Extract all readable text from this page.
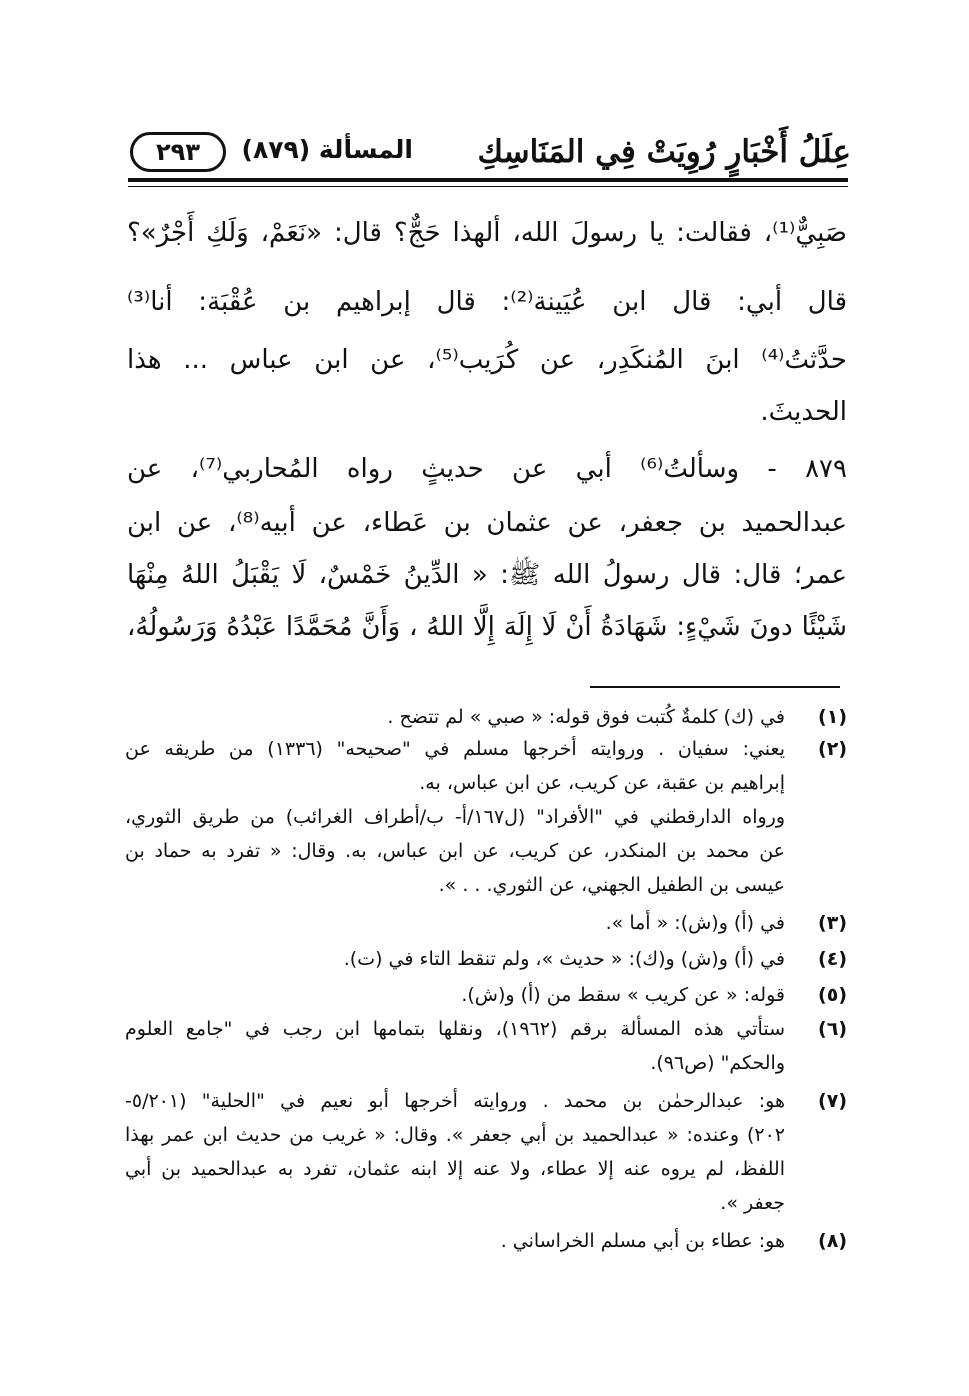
عِلَلُ أَخْبَارٍ رُوِيَتْ فِي المَنَاسِكِ
المسألة (٨٧٩)
٢٩٣
صَبِيٌّ⁽¹⁾، فقالت: يا رسولَ الله، ألهذا حَجٌّ؟ قال: «نَعَمْ، وَلَكِ أَجْرٌ»؟
قال أبي: قال ابن عُيَينة⁽²⁾: قال إبراهيم بن عُقْبَة: أنا⁽³⁾
حدَّثتُ⁽⁴⁾ ابنَ المُنكَدِر، عن كُرَيب⁽⁵⁾، عن ابن عباس ... هذا
الحديثَ.
٨٧٩ - وسألتُ⁽⁶⁾ أبي عن حديثٍ رواه المُحاربي⁽⁷⁾، عن
عبدالحميد بن جعفر، عن عثمان بن عَطاء، عن أبيه⁽⁸⁾، عن ابن
عمر؛ قال: قال رسولُ الله ﷺ: « الدِّينُ خَمْسٌ، لَا يَقْبَلُ اللهُ مِنْهَا
شَيْئًا دونَ شَيْءٍ: شَهَادَةُ أَنْ لَا إِلَهَ إِلَّا اللهُ ، وَأَنَّ مُحَمَّدًا عَبْدُهُ وَرَسُولُهُ،
(١)
في (ك) كلمةٌ كُتبت فوق قوله: « صبي » لم تتضح .
(٢)
يعني: سفيان . وروايته أخرجها مسلم في "صحيحه" (١٣٣٦) من طريقه عن
إبراهيم بن عقبة، عن كريب، عن ابن عباس، به.
ورواه الدارقطني في "الأفراد" (ل١٦٧/أ- ب/أطراف الغرائب) من طريق الثوري،
عن محمد بن المنكدر، عن كريب، عن ابن عباس، به. وقال: « تفرد به حماد بن
عيسى بن الطفيل الجهني، عن الثوري. . . ».
(٣)
في (أ) و(ش): « أما ».
(٤)
في (أ) و(ش) و(ك): « حديث »، ولم تنقط التاء في (ت).
(٥)
قوله: « عن كريب » سقط من (أ) و(ش).
(٦)
ستأتي هذه المسألة برقم (١٩٦٢)، ونقلها بتمامها ابن رجب في "جامع العلوم
والحكم" (ص٩٦).
(٧)
هو: عبدالرحمٰن بن محمد . وروايته أخرجها أبو نعيم في "الحلية" (٥/٢٠١-
٢٠٢) وعنده: « عبدالحميد بن أبي جعفر ». وقال: « غريب من حديث ابن عمر بهذا
اللفظ، لم يروه عنه إلا عطاء، ولا عنه إلا ابنه عثمان، تفرد به عبدالحميد بن أبي
جعفر ».
(٨)
هو: عطاء بن أبي مسلم الخراساني .
